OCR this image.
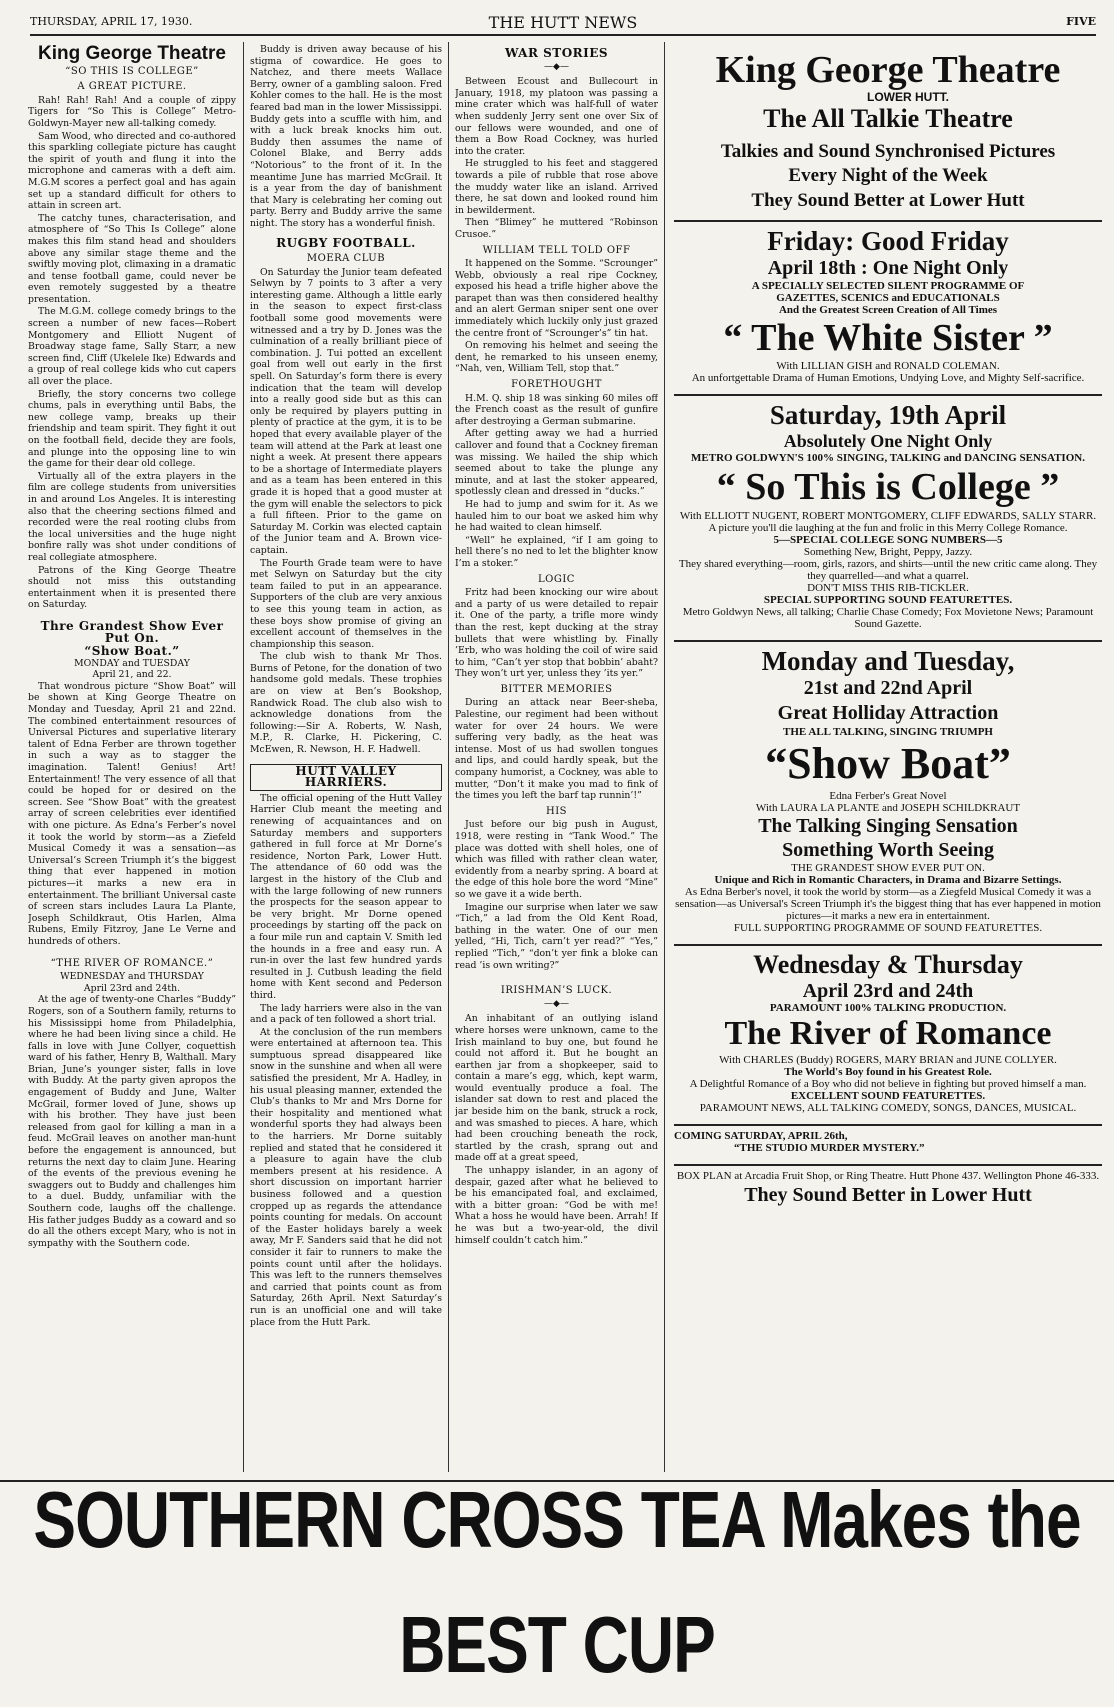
THURSDAY, APRIL 17, 1930.	THE HUTT NEWS	FIVE
King George Theatre
“SO THIS IS COLLEGE”
A GREAT PICTURE.

Rah! Rah! Rah! And a couple of zippy Tigers for “So This is College” Metro-Goldwyn-Mayer new all-talking comedy.

Sam Wood, who directed and co-authored this sparkling collegiate picture has caught the spirit of youth and flung it into the microphone and cameras with a deft aim. M.G.M scores a perfect goal and has again set up a standard difficult for others to attain in screen art.

The catchy tunes, characterisation, and atmosphere of “So This Is College” alone makes this film stand head and shoulders above any similar stage theme and the swiftly moving plot, climaxing in a dramatic and tense football game, could never be even remotely suggested by a theatre presentation.

The M.G.M. college comedy brings to the screen a number of new faces—Robert Montgomery and Elliott Nugent of Broadway stage fame, Sally Starr, a new screen find, Cliff (Ukelele Ike) Edwards and a group of real college kids who cut capers all over the place.

Briefly, the story concerns two college chums, pals in everything until Babs, the new college vamp, breaks up their friendship and team spirit. They fight it out on the football field, decide they are fools, and plunge into the opposing line to win the game for their dear old college.

Virtually all of the extra players in the film are college students from universities in and around Los Angeles. It is interesting also that the cheering sections filmed and recorded were the real rooting clubs from the local universities and the huge night bonfire rally was shot under conditions of real collegiate atmosphere.

Patrons of the King George Theatre should not miss this outstanding entertainment when it is presented there on Saturday.

Thre Grandest Show Ever Put On.
“Show Boat.”
MONDAY and TUESDAY
April 21, and 22.

That wondrous picture “Show Boat” will be shown at King George Theatre on Monday and Tuesday, April 21 and 22nd. The combined entertainment resources of Universal Pictures and superlative literary talent of Edna Ferber are thrown together in such a way as to stagger the imagination. Talent! Genius! Art! Entertainment! The very essence of all that could be hoped for or desired on the screen. See “Show Boat” with the greatest array of screen celebrities ever identified with one picture. As Edna’s Ferber’s novel it took the world by storm—as a Ziefeld Musical Comedy it was a sensation—as Universal’s Screen Triumph it’s the biggest thing that ever happened in motion pictures—it marks a new era in entertainment. The brilliant Universal caste of screen stars includes Laura La Plante, Joseph Schildkraut, Otis Harlen, Alma Rubens, Emily Fitzroy, Jane Le Verne and hundreds of others.

“THE RIVER OF ROMANCE.”
WEDNESDAY and THURSDAY
April 23rd and 24th.

At the age of twenty-one Charles “Buddy” Rogers, son of a Southern family, returns to his Mississippi home from Philadelphia, where he had been living since a child. He falls in love with June Collyer, coquettish ward of his father, Henry B, Walthall. Mary Brian, June’s younger sister, falls in love with Buddy. At the party given apropos the engagement of Buddy and June, Walter McGrail, former loved of June, shows up with his brother. They have just been released from gaol for killing a man in a feud. McGrail leaves on another man-hunt before the engagement is announced, but returns the next day to claim June. Hearing of the events of the previous evening he swaggers out to Buddy and challenges him to a duel. Buddy, unfamiliar with the Southern code, laughs off the challenge. His father judges Buddy as a coward and so do all the others except Mary, who is not in sympathy with the Southern code.

Buddy is driven away because of his stigma of cowardice. He goes to Natchez, and there meets Wallace Berry, owner of a gambling saloon. Fred Kohler comes to the hall. He is the most feared bad man in the lower Mississippi. Buddy gets into a scuffle with him, and with a luck break knocks him out. Buddy then assumes the name of Colonel Blake, and Berry adds “Notorious” to the front of it. In the meantime June has married McGrail. It is a year from the day of banishment that Mary is celebrating her coming out party. Berry and Buddy arrive the same night. The story has a wonderful finish.

RUGBY FOOTBALL.
MOERA CLUB

On Saturday the Junior team defeated Selwyn by 7 points to 3 after a very interesting game. Although a little early in the season to expect first-class football some good movements were witnessed and a try by D. Jones was the culmination of a really brilliant piece of combination. J. Tui potted an excellent goal from well out early in the first spell. On Saturday’s form there is every indication that the team will develop into a really good side but as this can only be required by players putting in plenty of practice at the gym, it is to be hoped that every available player of the team will attend at the Park at least one night a week. At present there appears to be a shortage of Intermediate players and as a team has been entered in this grade it is hoped that a good muster at the gym will enable the selectors to pick a full fifteen. Prior to the game on Saturday M. Corkin was elected captain of the Junior team and A. Brown vice-captain.

The Fourth Grade team were to have met Selwyn on Saturday but the city team failed to put in an appearance. Supporters of the club are very anxious to see this young team in action, as these boys show promise of giving an excellent account of themselves in the championship this season.

The club wish to thank Mr Thos. Burns of Petone, for the donation of two handsome gold medals. These trophies are on view at Ben’s Bookshop, Randwick Road. The club also wish to acknowledge donations from the following:—Sir A. Roberts, W. Nash, M.P., R. Clarke, H. Pickering, C. McEwen, R. Newson, H. F. Hadwell.

HUTT VALLEY HARRIERS.

The official opening of the Hutt Valley Harrier Club meant the meeting and renewing of acquaintances and on Saturday members and supporters gathered in full force at Mr Dorne’s residence, Norton Park, Lower Hutt. The attendance of 60 odd was the largest in the history of the Club and with the large following of new runners the prospects for the season appear to be very bright. Mr Dorne opened proceedings by starting off the pack on a four mile run and captain V. Smith led the hounds in a free and easy run. A run-in over the last few hundred yards resulted in J. Cutbush leading the field home with Kent second and Pederson third.

The lady harriers were also in the van and a pack of ten followed a short trial.

At the conclusion of the run members were entertained at afternoon tea. This sumptuous spread disappeared like snow in the sunshine and when all were satisfied the president, Mr A. Hadley, in his usual pleasing manner, extended the Club’s thanks to Mr and Mrs Dorne for their hospitality and mentioned what wonderful sports they had always been to the harriers. Mr Dorne suitably replied and stated that he considered it a pleasure to again have the club members present at his residence. A short discussion on important harrier business followed and a question cropped up as regards the attendance points counting for medals. On account of the Easter holidays barely a week away, Mr F. Sanders said that he did not consider it fair to runners to make the points count until after the holidays. This was left to the runners themselves and carried that points count as from Saturday, 26th April. Next Saturday’s run is an unofficial one and will take place from the Hutt Park.

WAR STORIES
—◆—

Between Ecoust and Bullecourt in January, 1918, my platoon was passing a mine crater which was half-full of water when suddenly Jerry sent one over Six of our fellows were wounded, and one of them a Bow Road Cockney, was hurled into the crater.

He struggled to his feet and staggered towards a pile of rubble that rose above the muddy water like an island. Arrived there, he sat down and looked round him in bewilderment.

Then “Blimey” he muttered “Robinson Crusoe.”

WILLIAM TELL TOLD OFF

It happened on the Somme. “Scrounger” Webb, obviously a real ripe Cockney, exposed his head a trifle higher above the parapet than was then considered healthy and an alert German sniper sent one over immediately which luckily only just grazed the centre front of “Scrounger’s” tin hat.

On removing his helmet and seeing the dent, he remarked to his unseen enemy, “Nah, ven, William Tell, stop that.”

FORETHOUGHT

H.M. Q. ship 18 was sinking 60 miles off the French coast as the result of gunfire after destroying a German submarine.

After getting away we had a hurried callover and found that a Cockney fireman was missing. We hailed the ship which seemed about to take the plunge any minute, and at last the stoker appeared, spotlessly clean and dressed in “ducks.”

He had to jump and swim for it. As we hauled him to our boat we asked him why he had waited to clean himself.

“Well” he explained, “if I am going to hell there’s no ned to let the blighter know I’m a stoker.”

LOGIC

Fritz had been knocking our wire about and a party of us were detailed to repair it. One of the party, a trifle more windy than the rest, kept ducking at the stray bullets that were whistling by. Finally ’Erb, who was holding the coil of wire said to him, “Can’t yer stop that bobbin’ abaht? They won’t urt yer, unless they ’its yer.”

BITTER MEMORIES

During an attack near Beer-sheba, Palestine, our regiment had been without water for over 24 hours. We were suffering very badly, as the heat was intense. Most of us had swollen tongues and lips, and could hardly speak, but the company humorist, a Cockney, was able to mutter, “Don’t it make you mad to fink of the times you left the barf tap runnin’!”

HIS

Just before our big push in August, 1918, were resting in “Tank Wood.” The place was dotted with shell holes, one of which was filled with rather clean water, evidently from a nearby spring. A board at the edge of this hole bore the word “Mine” so we gave it a wide berth.

Imagine our surprise when later we saw “Tich,” a lad from the Old Kent Road, bathing in the water. One of our men yelled, “Hi, Tich, carn’t yer read?” “Yes,” replied “Tich,” “don’t yer fink a bloke can read ’is own writing?”

IRISHMAN’S LUCK.
—◆—

An inhabitant of an outlying island where horses were unknown, came to the Irish mainland to buy one, but found he could not afford it. But he bought an earthen jar from a shopkeeper, said to contain a mare’s egg, which, kept warm, would eventually produce a foal. The islander sat down to rest and placed the jar beside him on the bank, struck a rock, and was smashed to pieces. A hare, which had been crouching beneath the rock, startled by the crash, sprang out and made off at a great speed,

The unhappy islander, in an agony of despair, gazed after what he believed to be his emancipated foal, and exclaimed, with a bitter groan: “God be with me! What a hoss he would have been. Arrah! If he was but a two-year-old, the divil himself couldn’t catch him.”

King George Theatre
LOWER HUTT.
The All Talkie Theatre
Talkies and Sound Synchronised Pictures
Every Night of the Week
They Sound Better at Lower Hutt
Friday: Good Friday
April 18th : One Night Only
A SPECIALLY SELECTED SILENT PROGRAMME OF
GAZETTES, SCENICS and EDUCATIONALS
And the Greatest Screen Creation of All Times
“ The White Sister ”
With LILLIAN GISH and RONALD COLEMAN.
An unfortgettable Drama of Human Emotions, Undying Love, and Mighty Self-sacrifice.
Saturday, 19th April
Absolutely One Night Only
METRO GOLDWYN'S 100% SINGING, TALKING and DANCING SENSATION.
“ So This is College ”
With ELLIOTT NUGENT, ROBERT MONTGOMERY, CLIFF EDWARDS, SALLY STARR.
A picture you'll die laughing at the fun and frolic in this Merry College Romance.
5—SPECIAL COLLEGE SONG NUMBERS—5
Something New, Bright, Peppy, Jazzy.
They shared everything—room, girls, razors, and shirts—until the new critic came along. They they quarrelled—and what a quarrel.
DON'T MISS THIS RIB-TICKLER.
SPECIAL SUPPORTING SOUND FEATURETTES.
Metro Goldwyn News, all talking; Charlie Chase Comedy; Fox Movietone News; Paramount Sound Gazette.
Monday and Tuesday,
21st and 22nd April
Great Holliday Attraction
THE ALL TALKING, SINGING TRIUMPH
“Show Boat”
Edna Ferber's Great Novel
With LAURA LA PLANTE and JOSEPH SCHILDKRAUT
The Talking Singing Sensation
Something Worth Seeing
THE GRANDEST SHOW EVER PUT ON.
Unique and Rich in Romantic Characters, in Drama and Bizarre Settings.
As Edna Berber's novel, it took the world by storm—as a Ziegfeld Musical Comedy it was a sensation—as Universal's Screen Triumph it's the biggest thing that has ever happened in motion pictures—it marks a new era in entertainment.
FULL SUPPORTING PROGRAMME OF SOUND FEATURETTES.
Wednesday & Thursday
April 23rd and 24th
PARAMOUNT 100% TALKING PRODUCTION.
The River of Romance
With CHARLES (Buddy) ROGERS, MARY BRIAN and JUNE COLLYER.
The World's Boy found in his Greatest Role.
A Delightful Romance of a Boy who did not believe in fighting but proved himself a man.
EXCELLENT SOUND FEATURETTES.
PARAMOUNT NEWS, ALL TALKING COMEDY, SONGS, DANCES, MUSICAL.
COMING SATURDAY, APRIL 26th,
“THE STUDIO MURDER MYSTERY.”
BOX PLAN at Arcadia Fruit Shop, or Ring Theatre. Hutt Phone 437. Wellington Phone 46-333.
They Sound Better in Lower Hutt
SOUTHERN CROSS TEA Makes the BEST CUP
